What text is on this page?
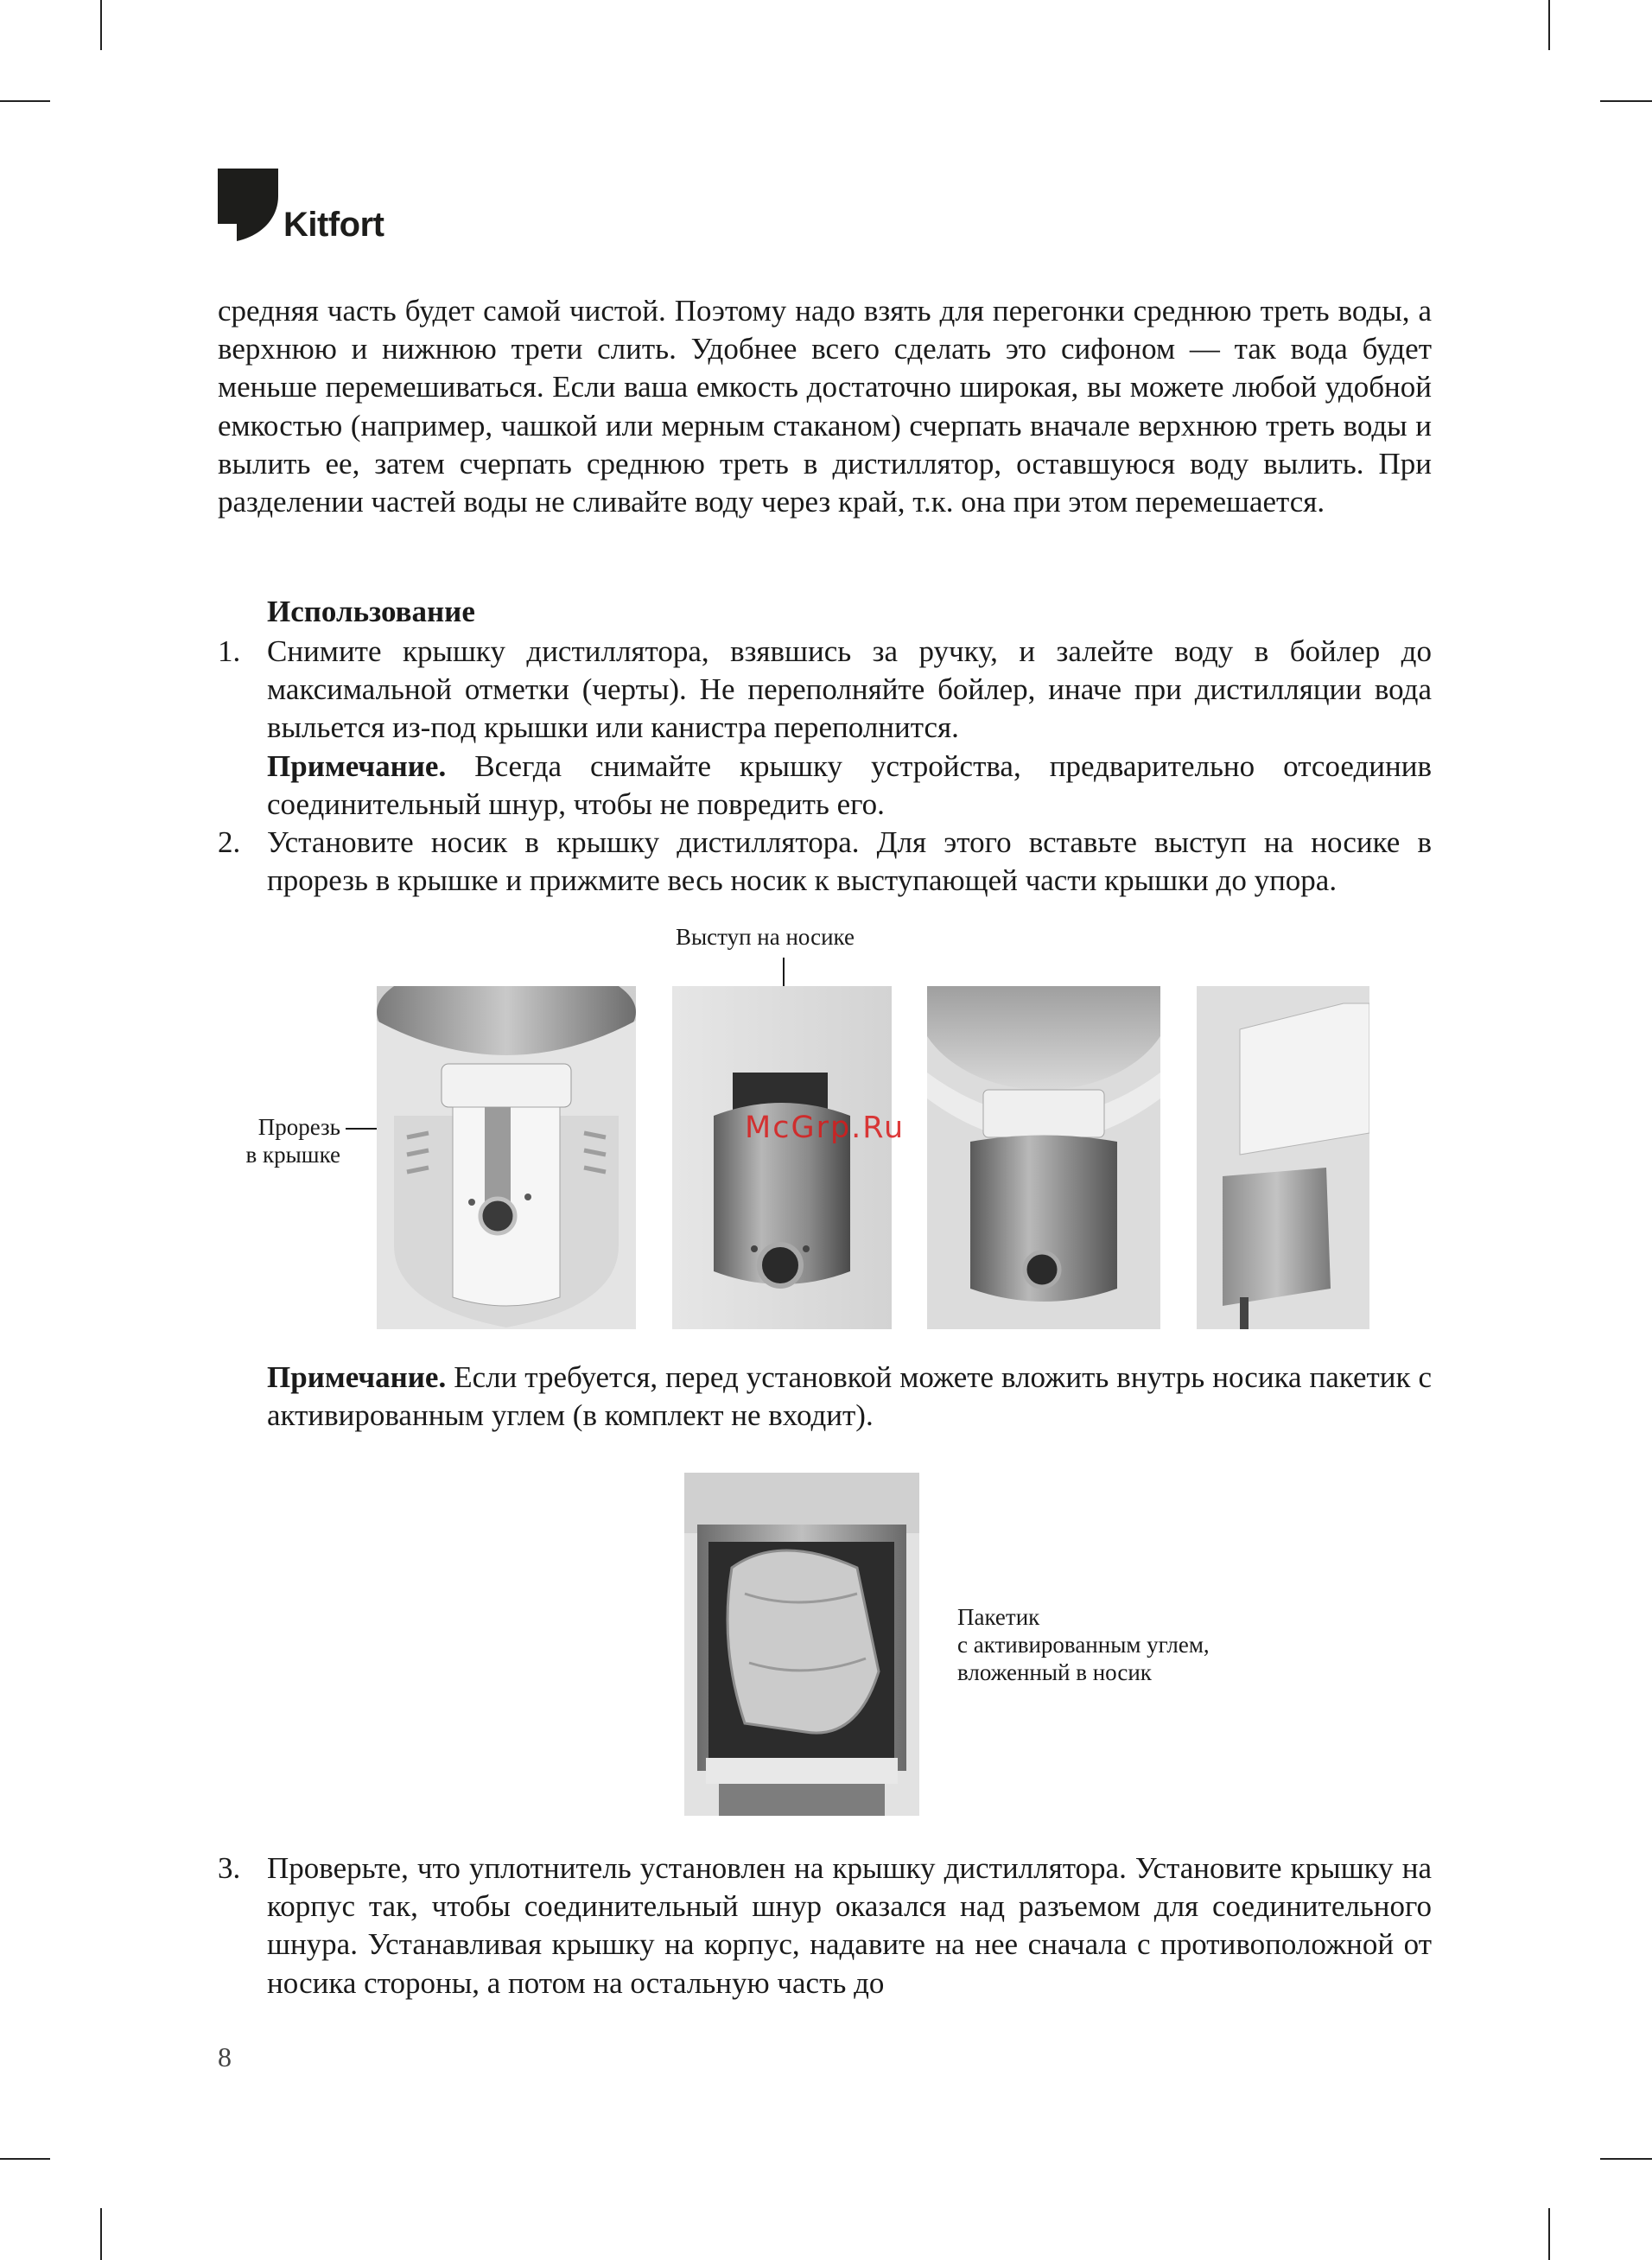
Kitfort

средняя часть будет самой чистой. Поэтому надо взять для перегонки среднюю треть воды, а верхнюю и нижнюю трети слить. Удобнее всего сделать это сифоном — так вода будет меньше перемешиваться. Если ваша емкость достаточно широкая, вы можете любой удобной емкостью (например, чашкой или мерным стаканом) счерпать вначале верхнюю треть воды и вылить ее, затем счерпать среднюю треть в дистиллятор, оставшуюся воду вылить. При разделении частей воды не сливайте воду через край, т.к. она при этом перемешается.

Использование
1. Снимите крышку дистиллятора, взявшись за ручку, и залейте воду в бойлер до максимальной отметки (черты). Не переполняйте бойлер, иначе при дистилляции вода выльется из-под крышки или канистра переполнится.
Примечание. Всегда снимайте крышку устройства, предварительно отсоединив соединительный шнур, чтобы не повредить его.
2. Установите носик в крышку дистиллятора. Для этого вставьте выступ на носике в прорезь в крышке и прижмите весь носик к выступающей части крышки до упора.
Выступ на носике
Прорезь
в крышке
McGrp.Ru
Примечание. Если требуется, перед установкой можете вложить внутрь носика пакетик с активированным углем (в комплект не входит).
Пакетик
с активированным углем,
вложенный в носик
3. Проверьте, что уплотнитель установлен на крышку дистиллятора. Установите крышку на корпус так, чтобы соединительный шнур оказался над разъемом для соединительного шнура. Устанавливая крышку на корпус, надавите на нее сначала с противоположной от носика стороны, а потом на остальную часть до
8
